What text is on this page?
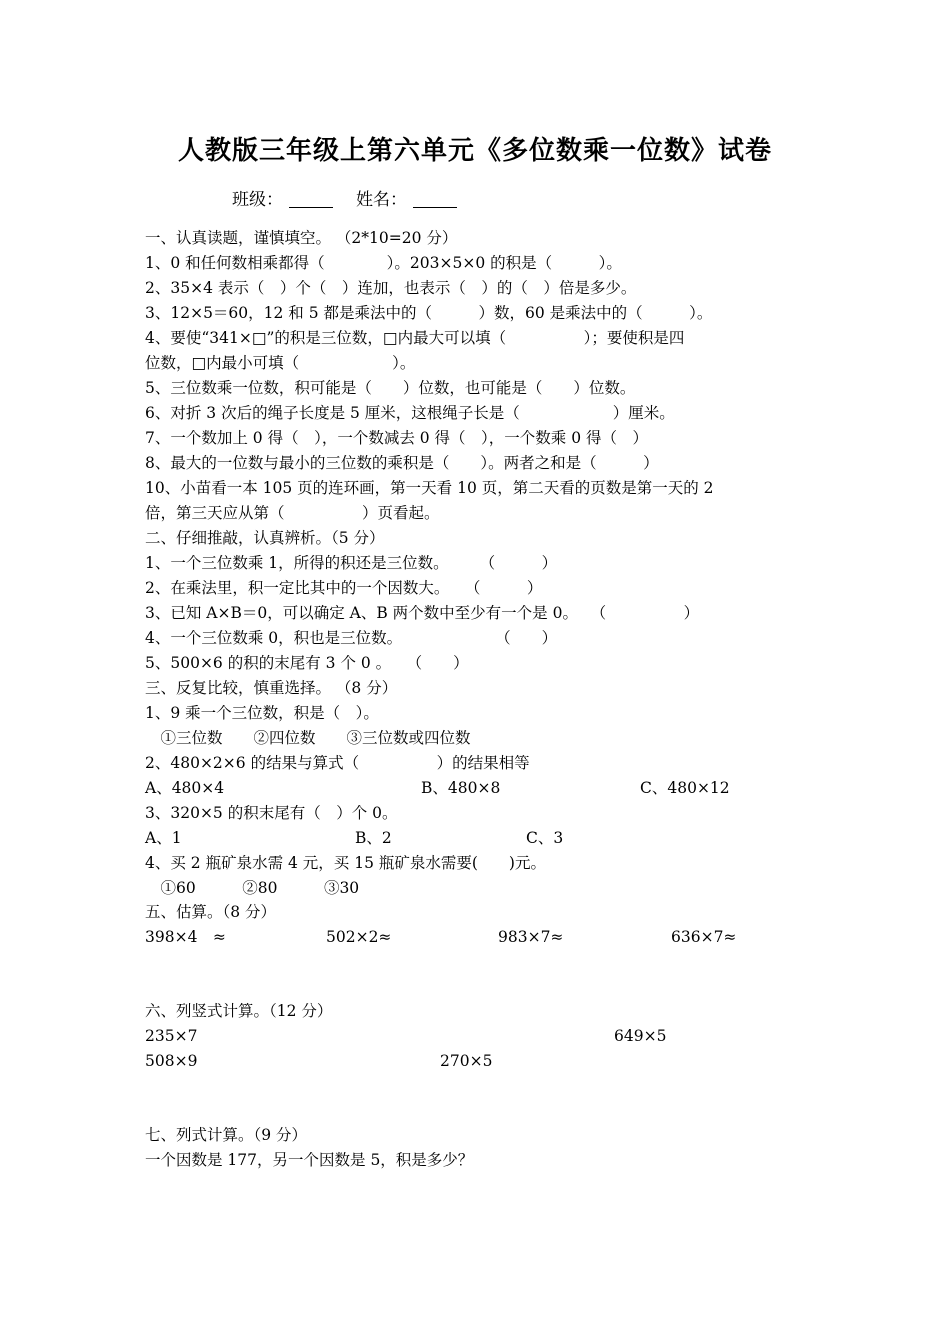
人教版三年级上第六单元《多位数乘一位数》试卷
班级：	姓名：
一、认真读题，谨慎填空。 （2*10=20 分）
1、0 和任何数相乘都得（　　　　）。203×5×0 的积是（　　　）。
2、35×4 表示（　）个（　）连加，也表示（　）的（　）倍是多少。
3、12×5＝60，12 和 5 都是乘法中的（　　　）数，60 是乘法中的（　　　）。
4、要使“341×□”的积是三位数，□内最大可以填（　　　　　）；要使积是四
位数，□内最小可填（　　　　　　）。
5、三位数乘一位数，积可能是（　　）位数，也可能是（　　）位数。
6、对折 3 次后的绳子长度是 5 厘米，这根绳子长是（　　　　　　）厘米。
7、一个数加上 0 得（　），一个数减去 0 得（　），一个数乘 0 得（　）
8、最大的一位数与最小的三位数的乘积是（　　）。两者之和是（　　　）
10、小苗看一本 105 页的连环画，第一天看 10 页，第二天看的页数是第一天的 2
倍，第三天应从第（　　　　　）页看起。
二、仔细推敲，认真辨析。（5 分）
1、一个三位数乘 1，所得的积还是三位数。　　　（　　　）
2、在乘法里，积一定比其中的一个因数大。　　（　　　）
3、已知 A×B＝0，可以确定 A、B 两个数中至少有一个是 0。　 （　　　　　）
4、一个三位数乘 0，积也是三位数。　　　　　　　（　　）
5、500×6 的积的末尾有 3 个 0 。　　（　　）
三、反复比较，慎重选择。 （8 分）
1、9 乘一个三位数，积是（　）。
　①三位数　　②四位数　　③三位数或四位数
2、480×2×6 的结果与算式（　　　　　）的结果相等
A、480×4	B、480×8	C、480×12
3、320×5 的积末尾有（　）个 0。
A、1	B、2	C、3
4、买 2 瓶矿泉水需 4 元，买 15 瓶矿泉水需要(　　)元。
　①60　　　②80　　　③30
五、估算。（8 分）
398×4　≈	502×2≈	983×7≈	636×7≈
六、列竖式计算。（12 分）
235×7	649×5
508×9	270×5
七、列式计算。（9 分）
一个因数是 177，另一个因数是 5，积是多少？
